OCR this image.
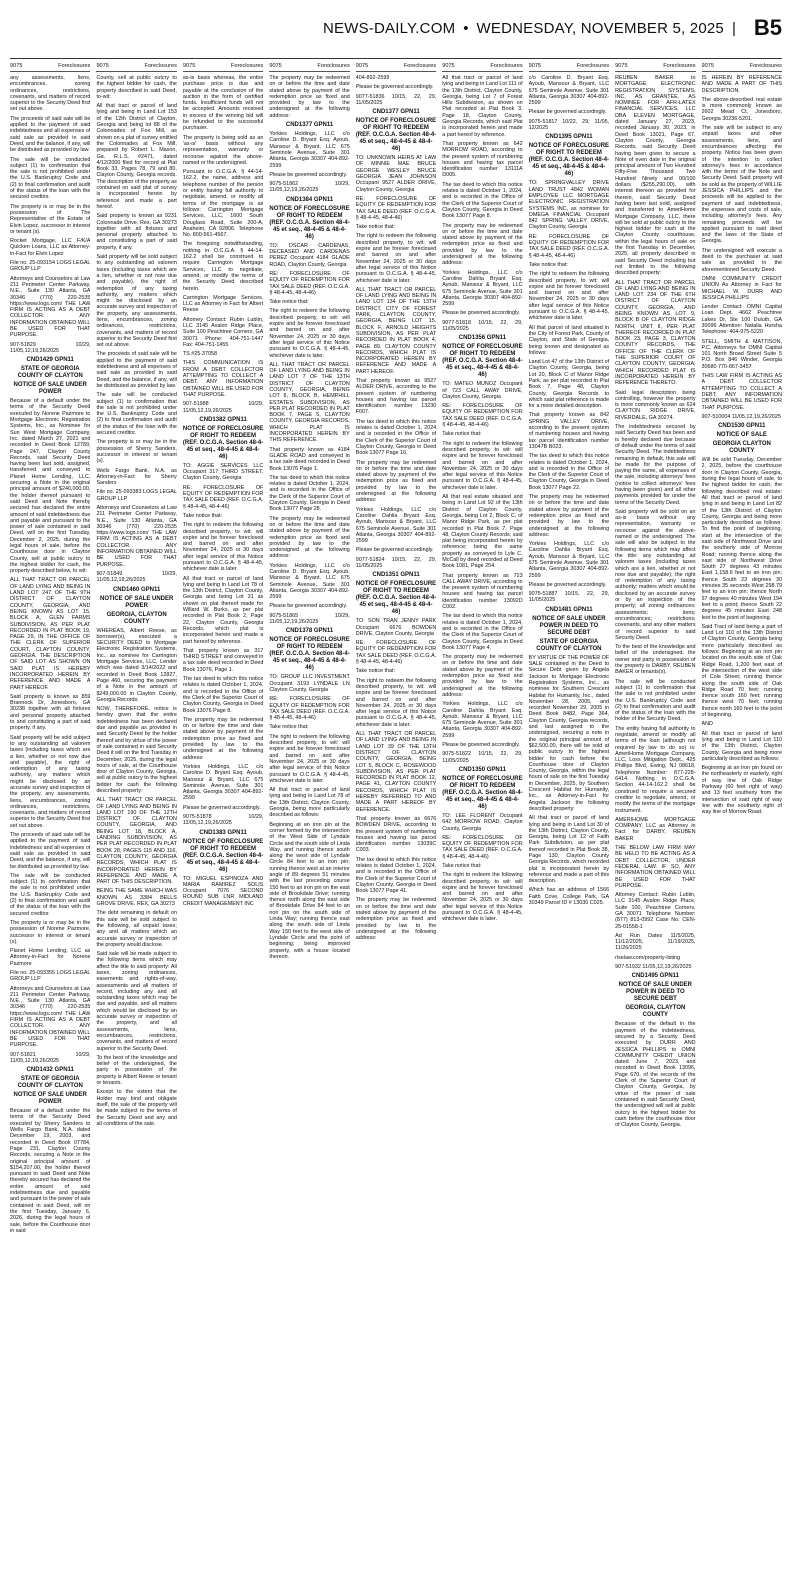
NEWS-DAILY.COM • WEDNESDAY, NOVEMBER 5, 2025 | B5
9075	Foreclosures
any assessments, liens, encumbrances, zoning ordinances, restrictions, covenants, and matters of record superior to the Security Deed first set out above.
The proceeds of said sale will be applied to the payment of said indebtedness and all expenses of said sale as provided in said Deed, and the balance, if any, will be distributed as provided by law.
The sale will be conducted subject (1) to confirmation that the sale is not prohibited under the U.S. Bankruptcy Code and (2) to final confirmation and audit of the status of the loan with the secured creditor.
The property is or may be in the possession of The Representative of the Estate of Elvin Lopez, successor in interest or tenant (s).
Rocket Mortgage, LLC F/K/A Quicken Loans, LLC as Attorney-in-Fact for Elvin Lopez
File no. 25-093154 LOGS LEGAL GROUP LLP
Attorneys and Counselors at Law 211 Perimeter Center Parkway, N.E., Suite 130 Atlanta, GA 30346 (770) 220-2535 https://www.logs.com/ THE LAW FIRM IS ACTING AS A DEBT COLLECTOR. ANY INFORMATION OBTAINED WILL BE USED FOR THAT PURPOSE.
907-51829 10/29, 11/05,12,19,26/2025
CND1429 GPN11
STATE OF GEORGIA COUNTY OF CLAYTON
NOTICE OF SALE UNDER POWER
Because of a default under the terms of the Security Deed executed by Norene Pazmore to Mortgage Electronic Registration Systems, Inc., as Nominee for Sun West Mortgage Company, Inc. dated March 27, 2021 and recorded in Deed Book 12789, Page 247, Clayton County Records, said Security Deed having been last sold, assigned, transferred and conveyed to Planet Home Lending, LLC, securing a Note in the original principal amount of $240,000.00, the holder thereof pursuant to said Deed and Note thereby secured has declared the entire amount of said indebtedness due and payable and pursuant to the power of sale contained in said Deed, will on the first Tuesday, December 2, 2025, during the legal hours of sale, before the Courthouse door in Clayton County, sell at public outcry to the highest bidder for cash, the property described below, to wit:
ALL THAT TRACT OR PARCEL OF LAND LYING AND BEING IN LAND LOT 247 OF THE 9TH DISTRICT OF CLAYTON COUNTY, GEORGIA, AND BEING KNOWN AS LOT 15, BLOCK A, GLEN FARMS SUBDIVISION, AS PER PLAT RECORDED IN PLAT BOOK 19, PAGE 29, IN THE OFFICE OF THE CLERK OF SUPERIOR COURT, CLAYTON COUNTY, GEORGIA, THE DESCRIPTION OF SAID LOT AS SHOWN ON SAID PLAT IS HEREBY INCORPORATED HEREIN BY REFERENCE AND MADE A PART HEREOF.
Said property is known as 859 Brannock Dr, Jonesboro, GA 30238 together with all fixtures and personal property attached to and constituting a part of said property, if any.
Said property will be sold subject to any outstanding ad valorem taxes (including taxes which are a lien, whether or not now due and payable), the right of redemption of any taxing authority, any matters which might be disclosed by an accurate survey and inspection of the property, any assessments, liens, encumbrances, zoning ordinances, restrictions, covenants, and matters of record superior to the Security Deed first set out above.
The proceeds of said sale will be applied to the payment of said indebtedness and all expenses of said sale as provided in said Deed, and the balance, if any, will be distributed as provided by law.
The sale will be conducted subject (1) to confirmation that the sale is not prohibited under the U.S. Bankruptcy Code and (2) to final confirmation and audit of the status of the loan with the secured creditor.
The property is or may be in the possession of Norene Pazmore, successor in interest or tenant (s).
Planet Home Lending, LLC as Attorney-in-Fact for Norene Pazmore
File no. 25-093355 LOGS LEGAL GROUP LLP
Attorneys and Counselors at Law 211 Perimeter Center Parkway, N.E., Suite 130 Atlanta, GA 30346 (770) 220-2535 https://www.logs.com/ THE LAW FIRM IS ACTING AS A DEBT COLLECTOR. ANY INFORMATION OBTAINED WILL BE USED FOR THAT PURPOSE.
907-51821 10/29, 11/05,12,19,26/2025
CND1432 GPN11
STATE OF GEORGIA COUNTY OF CLAYTON
NOTICE OF SALE UNDER POWER
Because of a default under the terms of the Security Deed executed by Sherry Sanders to Wells Fargo Bank, N.A. dated December 19, 2003, and recorded in Deed Book 07784, Page 231, Clayton County Records, securing a Note in the original principal amount of $154,207.00, the holder thereof pursuant to said Deed and Note thereby secured has declared the entire amount of said indebtedness due and payable and pursuant to the power of sale contained in said Deed, will on the first Tuesday, January 6, 2026, during the legal hours of sale, before the Courthouse door in said
9075	Foreclosures
County, sell at public outcry to the highest bidder for cash, the property described in said Deed, to-wit:
All that tract or parcel of land lying and being in Land Lot 153 of the 12th District of Clayton, Georgia and being lot 88 of the Colonnades of Fox Mill, as shown on a plat of survey entitled the Colonnades at Fox Mill, prepared by Robert L. Mason, Ga. R.L.S. #2471, dated 4/12/2000 filed for record at Plat Book 33, Pages 78, 79 and 80, Clayton County, Georgia records. The description of the property as contained on said plat of survey is incorporated herein by reference and made a part hereof.
Said property is known as 9231 Colonnade Drive, Rex, GA 30273 together with all fixtures and personal property attached to and constituting a part of said property, if any.
Said property will be sold subject to any outstanding ad valorem taxes (including taxes which are a lien, whether or not now due and payable), the right of redemption of any taxing authority, any matters which might be disclosed by an accurate survey and inspection of the property, any assessments, liens, encumbrances, zoning ordinances, restrictions, covenants, and matters of record superior to the Security Deed first set out above.
The proceeds of said sale will be applied to the payment of said indebtedness and all expenses of said sale as provided in said Deed, and the balance, if any, will be distributed as provided by law.
The sale will be conducted subject (1) to confirmation that the sale is not prohibited under the U.S. Bankruptcy Code and (2) to final confirmation and audit of the status of the loan with the secured creditor.
The property is or may be in the possession of Sherry Sanders, successor in interest or tenant (s).
Wells Fargo Bank, N.A. as Attorney-in-Fact for Sherry Sanders
File no. 25-093383 LOGS LEGAL GROUP LLP
Attorneys and Counselors at Law 211 Perimeter Center Parkway, N.E., Suite 130 Atlanta, GA 30346 (770) 220-2535 https://www.logs.com/ THE LAW FIRM IS ACTING AS A DEBT COLLECTOR. ANY INFORMATION OBTAINED WILL BE USED FOR THAT PURPOSE.
907-51849 10/29, 11/05,12,19,26/2025
CND1460 GPN11
NOTICE OF SALE UNDER POWER
GEORGIA, CLAYTON COUNTY
WHEREAS, Albert Reese, as borrower(s), executed a SECURITY DEED to Mortgage Electronic Registration Systems, Inc., as nominee for Carrington Mortgage Services, LLC, Lender which was dated 3/14/2022 and recorded in Deed Book 12827, Page 460, securing the payment of a Note in the amount of $249,000.00 in Clayton County, Georgia Records;
NOW, THEREFORE, notice is hereby given that the entire indebtedness has been declared due and payable as provided in said Security Deed by the holder thereof and by virtue of the power of sale contained in said Security Deed it will on the first Tuesday in December, 2025, during the legal hours of sale, at the Courthouse door of Clayton County, Georgia, sell at public outcry to the highest bidder for cash the following described property:
ALL THAT TRACT OR PARCEL OF LAND LYING AND BEING IN LAND LOT 190 OF THE 12TH DISTRICT OF CLAYTON COUNTY, GEORGIA, AND BEING LOT 18, BLOCK A, LANDING SUBDIVISION, AS PER PLAT RECORDED IN PLAT BOOK 28, PAGES 115 AND 116, CLAYTON COUNTY, GEORGIA RECORDS, WHICH PLAT IS INCORPORATED HEREIN BY REFERENCE AND MADE A PART OF THIS DESCRIPTION.
BEING THE SAME WHICH WAS KNOWN AS 3384 BELLS GROVE DRIVE, REX, GA 30273
The debt remaining in default on this sale will be sold subject to the following, all unpaid taxes; any and all matters which an accurate survey or inspection of the property would disclose.
Said sale will be made subject to the following items which may affect the title to said property: All taxes, zoning ordinances, easements and rights-of-way, assessments and all matters of record, including any and all outstanding taxes which may be due and payable, and all matters which would be disclosed by an accurate survey or inspection of the property, and all assessments, liens, encumbrances, restrictions, covenants, and matters of record superior to the Security Deed.
To the best of the knowledge and belief of the undersigned, the party in possession of the property is Albert Reese or tenant or tenants.
Except to the extent that the Holder may bind and obligate itself, the sale of the property will be made subject to the terms of the Security Deed and any and all conditions of the sale.
9075	Foreclosures
as-is basis whereas, the entire purchase price is due and payable at the conclusion of the auction in the form of certified funds. Insufficient funds will not be accepted. Amounts received in excess of the winning bid will be refunded to the successful purchaser.
The property is being sold as an 'as-is' basis without any representation, warranty or recourse against the above-named or the undersigned.
Pursuant to O.C.G.A. § 44-14-162.2, the name, address and telephone number of the person or entity having full authority to negotiate, amend, or modify all terms of the mortgage is as follows: Carrington Mortgage Services, LLC, 1600 South Douglass Road, Suite 200-A, Anaheim, CA 92806. Telephone No. 800-561-4567.
The foregoing notwithstanding, nothing in O.C.G.A. § 44-14-162.2 shall be construed to require Carrington Mortgage Services, LLC to negotiate, amend, or modify the terms of the Security Deed described herein.
Carrington Mortgage Services, LLC as Attorney in Fact for Albert Reese
Attorney Contact: Rubin Lublin, LLC 3145 Avalon Ridge Place, Suite 100 Peachtree Corners, GA 30071 Phone: 404-751-1447 Fax: 404-751-1455
TS #25-37058
THIS COMMUNICATION IS FROM A DEBT COLLECTOR ATTEMPTING TO COLLECT A DEBT. ANY INFORMATION OBTAINED WILL BE USED FOR THAT PURPOSE.
907-51988 10/29, 11/05,12,19,26/2025
CND1382 GPN11
NOTICE OF FORECLOSURE OF RIGHT TO REDEEM (REF. O.C.G.A. Section 48-4-45 et seq., 48-4-45 & 48-4-46)
TO: AGGIE SERVICES LLC Occupant 317 THIRD STREET, Clayton County, Georgia
RE: FORECLOSURE OF EQUITY OF REDEMPTION FOR TAX SALE DEED (REF. O.C.G.A. § 48-4-45, 48-4-46)
Take notice that:
The right to redeem the following described property, to wit: will expire and be forever foreclosed and barred on and after November 24, 2025 or 30 days after legal service of this Notice pursuant to O.C.G.A. § 48-4-45, whichever date is later.
All that tract or parcel of land lying and being in Land Lot 78 of the 13th District, Clayton County, Georgia and being Lot 31 as shown on plat thereof made for Willard W. Burks, as per plat recorded in Plat Book 2, Page 22, Clayton County, Georgia Records, which plat is incorporated herein and made a part hereof by reference.
That property known as 317 THIRD STREET and conveyed in a tax sale deed recorded in Deed Book 13076, Page 1.
The tax deed to which this notice relates is dated October 1, 2024, and is recorded in the Office of the Clerk of the Superior Court of Clayton County, Georgia in Deed Book 13076 Page 8.
The property may be redeemed on or before the time and date stated above by payment of the redemption price as fixed and provided by law to the undersigned at the following address:
Yorkies Holdings, LLC c/o Caroline D. Bryant Esq. Ayoub, Mansour & Bryant, LLC 675 Seminole Avenue, Suite 301 Atlanta, Georgia 30307 404-892-2599
Please be governed accordingly.
9075-51878 10/29, 11/05,12,19,26/2025
CND1383 GPN11
NOTICE OF FORECLOSURE OF RIGHT TO REDEEM (REF. O.C.G.A. Section 48-4-45 et seq., 48-4-45 & 48-4-46)
TO: MIGUEL ESPINOZA AND MARIA RAMIREZ SOLIS Occupant 7076 SECOND ROUND SUB LNR MIDLAND CREDIT MANAGEMENT INC
9075	Foreclosures
The property may be redeemed on or before the time and date stated above by payment of the redemption price as fixed and provided by law to the undersigned at the following address:
CND1377 GPN11
Yorkies Holdings, LLC c/o Caroline D. Bryant Esq. Ayoub, Mansour & Bryant, LLC 675 Seminole Avenue, Suite 301 Atlanta, Georgia 30307 404-892-2599
Please be governed accordingly.
9075-51862 10/29, 11/05,12,19,26/2025
CND1384 GPN11
NOTICE OF FORECLOSURE OF RIGHT TO REDEEM (REF. O.C.G.A. Section 48-4-45 et seq., 48-4-45 & 48-4-46)
TO: OSCAR CARDENAS, DECEASED AND CARDENAS PEREZ Occupant 4184 GLADE ROAD, Clayton County, Georgia
RE: FORECLOSURE OF EQUITY OF REDEMPTION FOR TAX SALE DEED (REF. O.C.G.A. § 48-4-45, 48-4-46)
Take notice that:
The right to redeem the following described property, to wit: will expire and be forever foreclosed and barred on and after November 24, 2025 or 30 days after legal service of this Notice pursuant to O.C.G.A. § 48-4-45, whichever date is later.
ALL THAT TRACT OR PARCEL OF LAND LYING AND BEING IN LAND LOT 7 OF THE 13TH DISTRICT OF CLAYTON COUNTY, GEORGIA, BEING LOT 8, BLOCK B, HEMPHILL ESTATES SUBDIVISION, AS PER PLAT RECORDED IN PLAT BOOK 7, PAGE 5, CLAYTON COUNTY, GEORGIA RECORDS, WHICH PLAT IS INCORPORATED HEREIN BY THIS REFERENCE.
That property known as 4184 GLADE ROAD and conveyed in a tax sale deed recorded in Deed Book 13076 Page 1.
The tax deed to which this notice relates is dated October 1, 2024, and is recorded in the Office of the Clerk of the Superior Court of Clayton County, Georgia in Deed Book 13077 Page 28.
The property may be redeemed on or before the time and date stated above by payment of the redemption price as fixed and provided by law to the undersigned at the following address:
Yorkies Holdings, LLC c/o Caroline D. Bryant Esq. Ayoub, Mansour & Bryant, LLC 675 Seminole Avenue, Suite 301 Atlanta, Georgia 30307 404-892-2599
Please be governed accordingly.
9075-51865 10/29, 11/05,12,19,26/2025
CND1378 GPN11
NOTICE OF FORECLOSURE OF RIGHT TO REDEEM (REF. O.C.G.A. Section 48-4-45 et seq., 48-4-45 & 48-4-46)
TO: GROUP LLC INVESTMENT Occupant 3193 LYNDALE LN Clayton County, Georgia
RE: FORECLOSURE OF EQUITY OF REDEMPTION FOR TAX SALE DEED (REF. O.C.G.A. § 48-4-45, 48-4-46)
Take notice that:
The right to redeem the following described property, to wit: will expire and be forever foreclosed and barred on and after November 24, 2025 or 30 days after legal service of this Notice pursuant to O.C.G.A. § 48-4-45, whichever date is later.
All that tract or parcel of land lying and being in Land Lot 78 of the 13th District, Clayton County, Georgia, being more particularly described as follows:
Beginning at an iron pin at the corner formed by the intersection of the West Side of Lyndale Circle and the south side of Linda Way, and running thence south along the west side of Lyndale Circle 84 feet to an iron pin; running thence west at an interior angle of 89 degrees 51 minutes with the last preceding course 150 feet to an iron pin on the east side of Brookdale Drive; running thence north along the east side of Brookdale Drive 84 feet to an iron pin on the south side of Linda Way; running thence east along the south side of Linda Way 150 feet to the west side of Lyndale Circle and the point of beginning; being improved property, with a house located thereon.
9075	Foreclosures
404-892-2599
Please be governed accordingly.
9077-51836 10/15, 22, 29, 11/05/2025
CND1377 GPN11
NOTICE OF FORECLOSURE OF RIGHT TO REDEEM (REF. O.C.G.A. Section 48-4-45 et seq., 48-4-45 & 48-4-46)
TO: UNKNOWN HEIRS AT LAW OF MINNIE MAE BRUCE GEORGE WESLEY BRUCE GEORGIA JEAN JOHNSON Occupant 9527 ALDER DRIVE, Clayton County, Georgia
RE: FORECLOSURE OF EQUITY OF REDEMPTION FOR TAX SALE DEED (REF. O.C.G.A. § 48-4-45, 48-4-46)
Take notice that:
The right to redeem the following described property, to wit: will expire and be forever foreclosed and barred on and after November 24, 2025 or 30 days after legal service of this Notice pursuant to O.C.G.A. § 48-4-45, whichever date is later.
ALL THAT TRACT OR PARCEL OF LAND LYING AND BEING IN LAND LOT 134 OF THE 13TH DISTRICT, CITY OF FOREST PARK, CLAYTON COUNTY, GEORGIA, BEING LOT 15, BLOCK F, ARNOLD HEIGHTS SUBDIVISION, AS PER PLAT RECORDED IN PLAT BOOK 4, PAGE 89, CLAYTON COUNTY RECORDS, WHICH PLAT IS INCORPORATED HEREIN BY REFERENCE AND MADE A PART HEREOF.
That property known as 9527 ALDER DRIVE, according to the present system of numbering houses and having tax parcel identification number 13230 F007.
The tax deed to which this notice relates is dated October 1, 2024 and is recorded in the Office of the Clerk of the Superior Court of Clayton County, Georgia in Deed Book 13077 Page 16.
The property may be redeemed on or before the time and date stated above by payment of the redemption price as fixed and provided by law to the undersigned at the following address:
Yorkies Holdings, LLC c/o Caroline Dahlia Bryant Esq. Ayoub, Mansour & Bryant, LLC 675 Seminole Avenue, Suite 301 Atlanta, Georgia 30307 404-892-2599
Please be governed accordingly.
9077-51824 10/15, 22, 29, 11/05/2025
CND1351 GPN11
NOTICE OF FORECLOSURE OF RIGHT TO REDEEM (REF. O.C.G.A. Section 48-4-45 et seq., 48-4-45 & 48-4-46)
TO: SON TRAN JENNY PARK Occupant 6676 BOWDEN DRIVE, Clayton County, Georgia
RE: FORECLOSURE OF EQUITY OF REDEMPTION FOR TAX SALE DEED (REF. O.C.G.A. § 48-4-45, 48-4-46)
Take notice that:
The right to redeem the following described property, to wit: will expire and be forever foreclosed and barred on and after November 24, 2025 or 30 days after legal service of this Notice pursuant to O.C.G.A. § 48-4-45, whichever date is later.
ALL THAT TRACT OR PARCEL OF LAND LYING AND BEING IN LAND LOT 39 OF THE 13TH DISTRICT OF CLAYTON COUNTY, GEORGIA, BEING LOT 5, BLOCK C, ROSEWOOD SUBDIVISION, AS PER PLAT RECORDED IN PLAT BOOK 12, PAGE 41, CLAYTON COUNTY RECORDS, WHICH PLAT IS HEREBY REFERRED TO AND MADE A PART HEREOF BY REFERENCE.
That property known as 6676 BOWDEN DRIVE, according to the present system of numbering houses and having tax parcel identification number 13039C C003.
The tax deed to which this notice relates is dated October 1, 2024, and is recorded in the Office of the Clerk of the Superior Court of Clayton County, Georgia in Deed Book 13077 Page 41.
The property may be redeemed on or before the time and date stated above by payment of the redemption price as fixed and provided by law to the undersigned at the following address:
9075	Foreclosures
All that tract or parcel of land lying and being in Land Lot 111 of the 13th District, Clayton County, Georgia, being Lot 7 of Forest Hills Subdivision, as shown on Plat recorded at Plat Book 3, Page 18, Clayton County, Georgia Records, which said Plat is incorporated herein and made a part hereof by reference.
That property known as 642 MORROW ROAD, according to the present system of numbering houses and having tax parcel identification number 13111A D005.
The tax deed to which this notice relates is dated October 1, 2024, and is recorded in the Office of the Clerk of the Superior Court of Clayton County, Georgia in Deed Book 13077 Page 8.
The property may be redeemed on or before the time and date stated above by payment of the redemption price as fixed and provided by law to the undersigned at the following address:
Yorkies Holdings, LLC c/o Caroline Dahlia Bryant Esq. Ayoub, Mansour & Bryant, LLC 675 Seminole Avenue, Suite 301 Atlanta, Georgia 30307 404-892-2599
Please be governed accordingly.
9077-51818 10/15, 22, 29, 11/05/2025
CND1356 GPN11
NOTICE OF FORECLOSURE OF RIGHT TO REDEEM (REF. O.C.G.A. Section 48-4-45 et seq., 48-4-45 & 48-4-46)
TO: MATEO MUNOZ Occupant of 723 CALL AWAY DRIVE, Clayton County, Georgia
RE: FORECLOSURE OF EQUITY OF REDEMPTION FOR TAX SALE DEED (REF. O.C.G.A. § 48-4-45, 48-4-46)
Take notice that:
The right to redeem the following described property, to wit: will expire and be forever foreclosed and barred on and after November 24, 2025 or 30 days after legal service of this Notice pursuant to O.C.G.A. § 48-4-45, whichever date is later.
All that real estate situated and being in Land Lot 92 of the 13th District of Clayton County, Georgia, being Lot 2, Block C, of Manor Ridge Park, as per plat recorded in Plat Book 7, Page 48, Clayton County Records; said plat being incorporated herein by reference; being the same property as conveyed to Lyle C. McCall by deed recorded at Deed Book 1081, Page 254.
That property known as 723 CALL AWAY DRIVE, according to the present system of numbering houses and having tax parcel identification number 13092D C002.
The tax deed to which this notice relates is dated October 1, 2024, and is recorded in the Office of the Clerk of the Superior Court of Clayton County, Georgia in Deed Book 13077 Page 4.
The property may be redeemed on or before the time and date stated above by payment of the redemption price as fixed and provided by law to the undersigned at the following address:
Yorkies Holdings, LLC c/o Caroline Dahlia Bryant Esq. Ayoub, Mansour & Bryant, LLC 675 Seminole Avenue, Suite 301 Atlanta, Georgia 30307 404-892-2599
Please be governed accordingly.
9075-51822 10/15, 22, 29, 11/05/2025
CND1350 GPN11
NOTICE OF FORECLOSURE OF RIGHT TO REDEEM (REF. O.C.G.A. Section 48-4-45 et seq., 48-4-45 & 48-4-46)
TO: LEE FLORENT Occupant 642 MORROW ROAD, Clayton County, Georgia
RE: FORECLOSURE OF EQUITY OF REDEMPTION FOR TAX SALE DEED (REF. O.C.G.A. § 48-4-45, 48-4-46)
Take notice that:
The right to redeem the following described property, to wit: will expire and be forever foreclosed and barred on and after November 24, 2025 or 30 days after legal service of this Notice pursuant to O.C.G.A. § 48-4-45, whichever date is later.
9075	Foreclosures
c/o Caroline D. Bryant Esq. Ayoub, Mansour & Bryant, LLC 675 Seminole Avenue, Suite 301 Atlanta, Georgia 30307 404-892-2599
Please be governed accordingly.
9075-51817 10/22, 29, 11/05, 12/2025
CND1395 GPN11
NOTICE OF FORECLOSURE OF RIGHT TO REDEEM (REF. O.C.G.A. Section 48-4-45 et seq., 48-4-45 & 48-4-46)
TO: SPRINGVALLEY DRIVE LAND TRUST 4842 WOMAN EMPLOYEE LLC MORTGAGE ELECTRONIC REGISTRATION SYSTEMS INC, as nominee for OMEGA FINANCIAL Occupant 842 SPRING VALLEY DRIVE, Clayton County, Georgia
RE: FORECLOSURE OF EQUITY OF REDEMPTION FOR TAX SALE DEED (REF. O.C.G.A. § 48-4-45, 48-4-46)
Take notice that:
The right to redeem the following described property, to wit: will expire and be forever foreclosed and barred on and after November 24, 2025 or 30 days after legal service of this Notice pursuant to O.C.G.A. § 48-4-45, whichever date is later.
All that parcel of land situated in the City of Forest Park, County of Clayton, and State of Georgia, being known and designated as follows:
Land Lot 47 of the 13th District of Clayton County, Georgia, being Lot 20, Block C of Manor Ridge Park, as per plat recorded in Plat Book 7, Page 48, Clayton County, Georgia Records to which said plat reference is made for a more detailed description.
That property known as 842 SPRING VALLEY DRIVE, according to the present system of numbering houses and having tax parcel identification number 13047B B023.
The tax deed to which this notice relates is dated October 1, 2024, and is recorded in the Office of the Clerk of the Superior Court of Clayton County, Georgia in Deed Book 13077 Page 22.
The property may be redeemed on or before the time and date stated above by payment of the redemption price as fixed and provided by law to the undersigned at the following address:
Yorkies Holdings, LLC c/o Caroline Dahlia Bryant Esq. Ayoub, Mansour & Bryant, LLC 675 Seminole Avenue, Suite 301 Atlanta, Georgia 30307 404-892-2599
Please be governed accordingly.
9075-51887 10/15, 22, 29, 11/05/2025
CND1481 GPN11
NOTICE OF SALE UNDER POWER IN DEED TO SECURE DEBT
STATE OF GEORGIA COUNTY OF CLAYTON
BY VIRTUE OF THE POWER OF SALE contained in the Deed to Secure Debt given by Angela Jackson to Mortgage Electronic Registration Systems, Inc., as nominee for Southern Crescent Habitat for Humanity, Inc., dated November 28, 2005, and recorded November 29, 2005 in Deed Book 8482, Page 364, Clayton County, Georgia records, and last assigned to the undersigned, securing a note in the original principal amount of $62,500.00, there will be sold at public outcry to the highest bidder for cash before the Courthouse door of Clayton County, Georgia, within the legal hours of sale on the first Tuesday in December, 2025, by Southern Crescent Habitat for Humanity, Inc., as Attorney-in-Fact for Angela Jackson the following described property:
All that tract or parcel of land lying and being in Land Lot 30 of the 13th District, Clayton County, Georgia, being Lot 12 of Faith Park Subdivision, as per plat thereof recorded in Plat Book 38, Page 130, Clayton County Georgia Records, which recorded plat is incorporated herein by reference and made a part of this description.
Which has an address of 1566 Faith Cove, College Park, GA 30349 Parcel ID # 13030 C025.
9075	Foreclosures
REUBEN BAKER to MORTGAGE ELECTRONIC REGISTRATION SYSTEMS, INC. AS GRANTEE, AS NOMINEE FOR AFR-LATEX FINANCIAL SERVICES, LLC DBA ELEVEN MORTGAGE, dated January 27, 2023, recorded January 30, 2023, in Deed Book 13021, Page 67, Clayton County, Georgia Records, said Security Deed having been given to secure a Note of even date in the original principal amount of Two Hundred Fifty-Five Thousand Two Hundred Ninety and 00/100 dollars ($255,290.00), with interest thereon as provided for therein, said Security Deed having been last sold, assigned and transferred to AmeriHome Mortgage Company, LLC, there will be sold at public outcry to the highest bidder for cash at the Clayton County courthouse, within the legal hours of sale on the first Tuesday in December, 2025, all property described in said Security Deed including but not limited to the following described property:
ALL THAT TRACT OR PARCEL OF LAND LYING AND BEING IN LAND LOT 234 OF THE 6TH DISTRICT OF CLAYTON COUNTY, GEORGIA, AND BEING KNOWN AS LOT 9, BLOCK B OF CLAYTON RIDGE NORTH, UNIT II, PER PLAT THEREOF RECORDED IN PLAT BOOK 23, PAGE 3, CLAYTON COUNTY RECORDS, THE OFFICE OF THE CLERK OF THE SUPERIOR COURT OF CLAYTON COUNTY, GEORGIA, WHICH RECORDED PLAT IS INCORPORATED HEREIN BY REFERENCE THERETO.
Said legal description being controlling, however the property is more commonly known as 624 CLAYTON RIDGE DRIVE, RIVERDALE, GA 30274.
The indebtedness secured by said Security Deed has been and is hereby declared due because of default under the terms of said Security Deed. The indebtedness remaining in default, this sale will be made for the purpose of paying the same, all expenses of the sale, including attorneys' fees (notice to collect attorneys' fees having been given) and all other payments provided for under the terms of the Security Deed.
Said property will be sold on an as-is basis without any representation, warranty or recourse against the above-named or the undersigned. The sale will also be subject to the following items which may affect the title: any outstanding ad valorem taxes (including taxes which are a lien, whether or not now due and payable); the right of redemption of any taxing authority; matters which would be disclosed by an accurate survey or by an inspection of the property; all zoning ordinances; assessments; liens; encumbrances; restrictions; covenants, and any other matters of record superior to said Security Deed.
To the best of the knowledge and belief of the undersigned, the owner and party in possession of the property is DARBY, REUBEN BAKER or tenants(s).
The sale will be conducted subject (1) to confirmation that the sale is not prohibited under the U.S. Bankruptcy Code and (2) to final confirmation and audit of the status of the loan with the holder of the Security Deed.
The entity having full authority to negotiate, amend or modify all terms of the loan (although not required by law to do so) is: AmeriHome Mortgage Company, LLC, Loss Mitigation Dept., 425 Phillips Blvd, Ewing, NJ 08618, Telephone Number: 877-228-6414. Nothing in O.C.G.A. Section 44-14-162.2 shall be construed to require a secured creditor to negotiate, amend, or modify the terms of the mortgage instrument.
AMERIHOME MORTGAGE COMPANY, LLC as Attorney in Fact for DARBY, REUBEN BAKER
THE BELOW LAW FIRM MAY BE HELD TO BE ACTING AS A DEBT COLLECTOR, UNDER FEDERAL LAW. IF SO, ANY INFORMATION OBTAINED WILL BE USED FOR THAT PURPOSE.
Attorney Contact: Rubin Lublin, LLC 3145 Avalon Ridge Place, Suite 100, Peachtree Corners, GA 30071 Telephone Number: (877) 813-0992 Case No. CEN-25-01558-1
Ad Run Dates 11/5/2025, 11/12/2025, 11/19/2025, 11/26/2025
rlselaw.com/property-listing
907-51932 11/05,12,19,26/2025
CND1495 GPN11
NOTICE OF SALE UNDER POWER IN DEED TO SECURE DEBT
GEORGIA, CLAYTON COUNTY
Because of the default in the payment of the indebtedness, secured by a Security Deed executed by DURR AND JESSICA PHILLIPS to OMNI COMMUNITY CREDIT UNION dated June 7, 2023, and recorded in Deed Book 13096, Page 670, of the records of the Clerk of the Superior Court of Clayton County, Georgia, by virtue of the power of sale contained in said Security Deed, the undersigned will sell at public outcry to the highest bidder for cash before the courthouse door of Clayton County, Georgia.
9075	Foreclosures
IS HEREIN BY REFERENCE AND MADE A PART OF THIS DESCRIPTION.
The above-described real estate is more commonly known as 2602 Mead Ct, Jonesboro, Georgia 30236-5201.
The sale will be subject to any unpaid taxes and other assessments, liens, and encumbrances affecting the property. Notice has been given of the intention to collect attorney's fees in accordance with the terms of the Note and Security Deed. Said property will be sold as the property of WILLIE JESSICA PHILLIPS and the proceeds will be applied to the payment of said indebtedness, the expenses and costs of sale, including attorney's fees. Any remaining proceeds will be applied pursuant to said deed and the laws of the State of Georgia.
The undersigned will execute a deed to the purchaser at said sale as provided in the aforementioned Security Deed.
OMNI COMMUNITY CREDIT UNION As Attorney in Fact for MICHAEL W. DURR AND JESSICA PHILLIPS
Lender Contact: OMNI Capital Loan Dept. 4662 Peachtree Lakes Dr, Ste 100 Duluth, GA 30096 Attention: Natalia Hursha Telephone: 404-975-5220
STELL, SMITH & MATTISON, P.C. Attorneys for OMNI Capital 101 North Broad Street Suite 5 P.O. Box 846 Winder, Georgia 30680 770-867-3457
THIS LAW FIRM IS ACTING AS A DEBT COLLECTOR ATTEMPTING TO COLLECT A DEBT. ANY INFORMATION OBTAINED WILL BE USED FOR THAT PURPOSE.
907-510004 11/05,12,19,26/2025
CND1530 GPN11
NOTICE OF SALE
GEORGIA CLAYTON COUNTY
Will be sold Tuesday, December 2, 2025, before the courthouse door in Clayton County, Georgia, during the legal hours of sale, to the highest bidder for cash, the following described real estate: All that tract or parcel of land lying in and being in Land Lot 82 of the 13th District of Clayton County, Georgia and being more particularly described as follows: To find the point of beginning, start at the intersection of the east side of Northwest Drive and the southerly side of Morrow Road; running thence along the east side of Northwest Drive South 27 degrees 43 minutes East 1,158.6 feet to an iron pin; thence South 23 degrees 30 minutes 35 seconds West 298.79 feet to an iron pin; thence North 67 degrees 40 minutes West 194 feet to a point; thence South 22 degrees 45 minutes East 248 feet to the point of beginning.
Said Tract of land being a part of Land Lot 110 of the 13th District of Clayton County, Georgia being more particularly described as follows: Beginning at an iron pin located on the south side of Oak Ridge Road, 1,200 feet east of the intersection of the west side of Cole Street; running thence along the south side of Oak Ridge Road 70 feet; running thence south 160 feet; running thence west 70 feet; running thence north 160 feet to the point of beginning.
AND
All that tract or parcel of land lying and being in Land Lot 110 of the 13th District, Clayton County, Georgia and being more particularly described as follows:
Beginning at an iron pin found on the northeasterly or easterly, right of way line of Oak Ridge Parkway (60 feet right of way) and 13 feet southerly from the intersection of said right of way line with the southerly right of way line of Morrow Road.
